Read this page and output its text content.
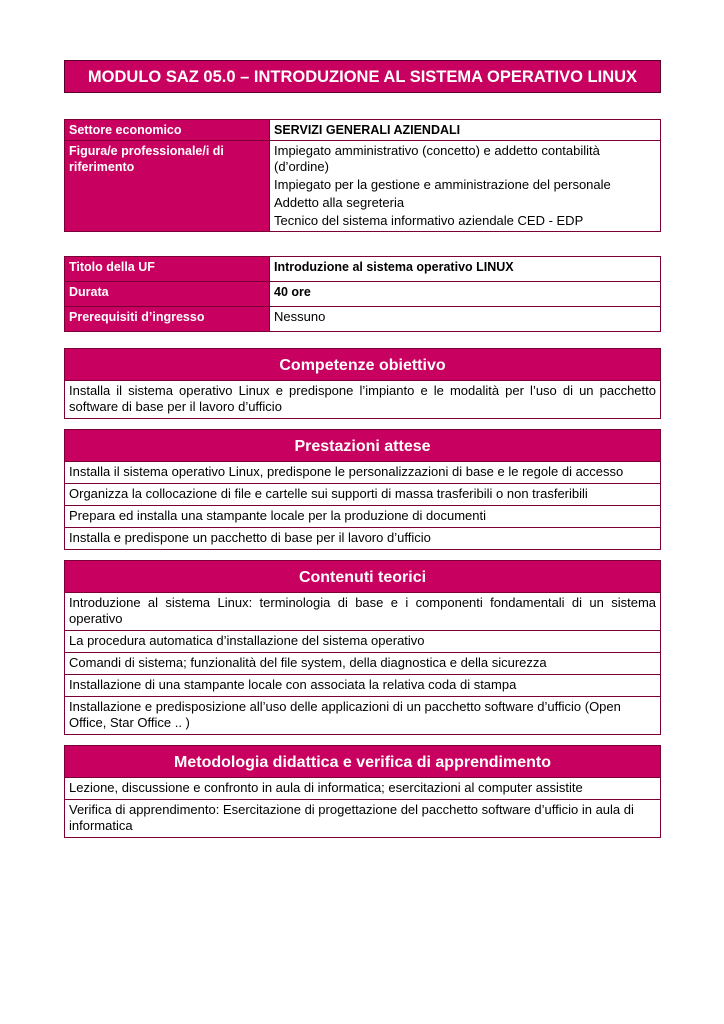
MODULO SAZ 05.0 – INTRODUZIONE AL SISTEMA OPERATIVO LINUX
Settore economico	SERVIZI GENERALI AZIENDALI
Figura/e professionale/i di riferimento	Impiegato amministrativo (concetto) e addetto contabilità (d’ordine)
Impiegato per la gestione e amministrazione del personale
Addetto alla segreteria
Tecnico del sistema informativo aziendale CED - EDP
Titolo della UF	Introduzione al sistema operativo LINUX
Durata	40 ore
Prerequisiti d’ingresso	Nessuno
Competenze obiettivo
Installa il sistema operativo Linux e predispone l’impianto e le modalità per l’uso di un pacchetto software di base per il lavoro d’ufficio
Prestazioni attese
Installa il sistema operativo Linux, predispone le personalizzazioni di base e le regole di accesso
Organizza la collocazione di file e cartelle sui supporti di massa trasferibili o non trasferibili
Prepara ed installa una stampante locale per la produzione di documenti
Installa e predispone un pacchetto di base per il lavoro d’ufficio
Contenuti teorici
Introduzione al sistema Linux: terminologia di base e i componenti fondamentali di un sistema operativo
La procedura automatica d’installazione del sistema operativo
Comandi di sistema; funzionalità del file system, della diagnostica e della sicurezza
Installazione di una stampante locale con associata la relativa coda di stampa
Installazione e predisposizione all’uso delle applicazioni di un pacchetto software d’ufficio (Open Office, Star Office .. )
Metodologia didattica e verifica di apprendimento
Lezione, discussione e confronto in aula di informatica; esercitazioni al computer assistite
Verifica di apprendimento: Esercitazione di progettazione del pacchetto software d’ufficio in aula di informatica
